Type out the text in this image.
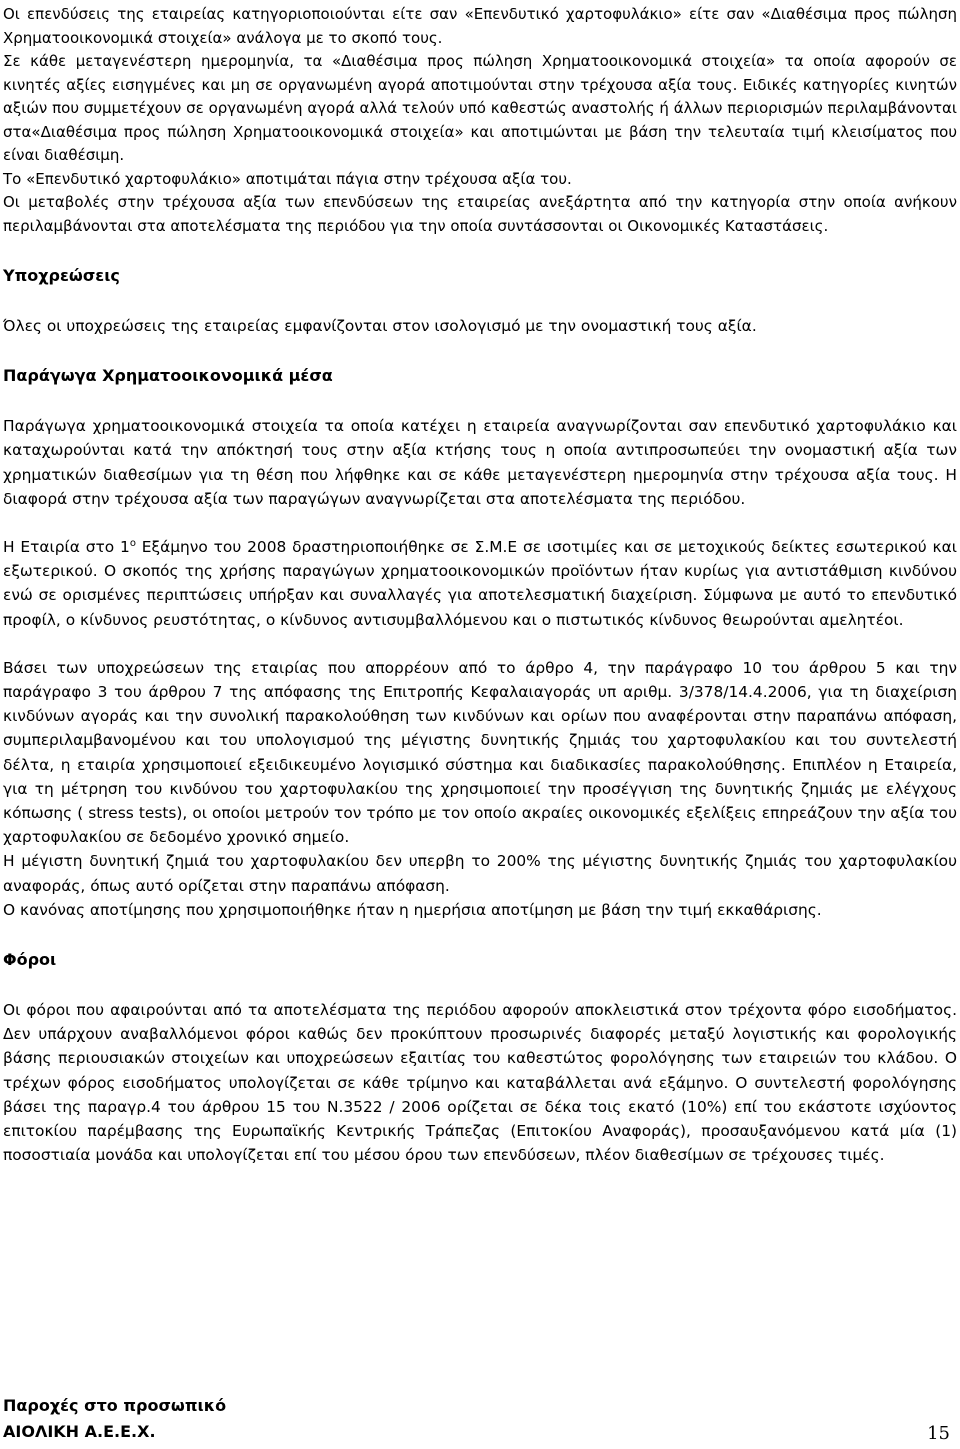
Οι επενδύσεις της εταιρείας κατηγοριοποιούνται είτε σαν «Επενδυτικό χαρτοφυλάκιο» είτε σαν «Διαθέσιμα προς πώληση Χρηματοοικονομικά στοιχεία» ανάλογα με το σκοπό τους.

Σε κάθε μεταγενέστερη ημερομηνία, τα «Διαθέσιμα προς πώληση Χρηματοοικονομικά στοιχεία» τα οποία αφορούν σε κινητές αξίες εισηγμένες και μη σε οργανωμένη αγορά αποτιμούνται στην τρέχουσα αξία τους. Ειδικές κατηγορίες κινητών αξιών που συμμετέχουν σε οργανωμένη αγορά αλλά τελούν υπό καθεστώς αναστολής ή άλλων περιορισμών περιλαμβάνονται στα«Διαθέσιμα προς πώληση Χρηματοοικονομικά στοιχεία» και αποτιμώνται με βάση την τελευταία τιμή κλεισίματος που είναι διαθέσιμη.

Το «Επενδυτικό χαρτοφυλάκιο» αποτιμάται πάγια στην τρέχουσα αξία του.

Οι μεταβολές στην τρέχουσα αξία των επενδύσεων της εταιρείας ανεξάρτητα από την κατηγορία στην οποία ανήκουν περιλαμβάνονται στα αποτελέσματα της περιόδου για την οποία συντάσσονται οι Οικονομικές Καταστάσεις.

Υποχρεώσεις

Όλες οι υποχρεώσεις της εταιρείας εμφανίζονται στον ισολογισμό με την ονομαστική τους αξία.

Παράγωγα Χρηματοοικονομικά μέσα

Παράγωγα χρηματοοικονομικά στοιχεία τα οποία κατέχει η εταιρεία αναγνωρίζονται σαν επενδυτικό χαρτοφυλάκιο και καταχωρούνται κατά την απόκτησή τους στην αξία κτήσης τους η οποία αντιπροσωπεύει την ονομαστική αξία των χρηματικών διαθεσίμων για τη θέση που λήφθηκε και σε κάθε μεταγενέστερη ημερομηνία στην τρέχουσα αξία τους. Η διαφορά στην τρέχουσα αξία των παραγώγων αναγνωρίζεται στα αποτελέσματα της περιόδου.

Η Εταιρία στο $1^o$ Εξάμηνο του 2008 δραστηριοποιήθηκε σε Σ.Μ.Ε σε ισοτιμίες και σε μετοχικούς δείκτες εσωτερικού και εξωτερικού. Ο σκοπός της χρήσης παραγώγων χρηματοοικονομικών προϊόντων ήταν κυρίως για αντιστάθμιση κινδύνου ενώ σε ορισμένες περιπτώσεις υπήρξαν και συναλλαγές για αποτελεσματική διαχείριση. Σύμφωνα με αυτό το επενδυτικό προφίλ, ο κίνδυνος ρευστότητας, ο κίνδυνος αντισυμβαλλόμενου και ο πιστωτικός κίνδυνος θεωρούνται αμελητέοι.

Βάσει των υποχρεώσεων της εταιρίας που απορρέουν από το άρθρο 4, την παράγραφο 10 του άρθρου 5 και την παράγραφο 3 του άρθρου 7 της απόφασης της Επιτροπής Κεφαλαιαγοράς υπ αριθμ. 3/378/14.4.2006, για τη διαχείριση κινδύνων αγοράς και την συνολική παρακολούθηση των κινδύνων και ορίων που αναφέρονται στην παραπάνω απόφαση, συμπεριλαμβανομένου και του υπολογισμού της μέγιστης δυνητικής ζημιάς του χαρτοφυλακίου και του συντελεστή δέλτα, η εταιρία χρησιμοποιεί εξειδικευμένο λογισμικό σύστημα και διαδικασίες παρακολούθησης. Επιπλέον η Εταιρεία, για τη μέτρηση του κινδύνου του χαρτοφυλακίου της χρησιμοποιεί την προσέγγιση της δυνητικής ζημιάς με ελέγχους κόπωσης ( stress tests), οι οποίοι μετρούν τον τρόπο με τον οποίο ακραίες οικονομικές εξελίξεις επηρεάζουν την αξία του χαρτοφυλακίου σε δεδομένο χρονικό σημείο.

Η μέγιστη δυνητική ζημιά του χαρτοφυλακίου δεν υπερβη το 200% της μέγιστης δυνητικής ζημιάς του χαρτοφυλακίου αναφοράς, όπως αυτό ορίζεται στην παραπάνω απόφαση.

Ο κανόνας αποτίμησης που χρησιμοποιήθηκε ήταν η ημερήσια αποτίμηση με βάση την τιμή εκκαθάρισης.

Φόροι

Οι φόροι που αφαιρούνται από τα αποτελέσματα της περιόδου αφορούν αποκλειστικά στον τρέχοντα φόρο εισοδήματος. Δεν υπάρχουν αναβαλλόμενοι φόροι καθώς δεν προκύπτουν προσωρινές διαφορές μεταξύ λογιστικής και φορολογικής βάσης περιουσιακών στοιχείων και υποχρεώσεων εξαιτίας του καθεστώτος φορολόγησης των εταιρειών του κλάδου. Ο τρέχων φόρος εισοδήματος υπολογίζεται σε κάθε τρίμηνο και καταβάλλεται ανά εξάμηνο. Ο συντελεστή φορολόγησης βάσει της παραγρ.4 του άρθρου 15 του Ν.3522 / 2006 ορίζεται σε δέκα τοις εκατό (10%) επί του εκάστοτε ισχύοντος επιτοκίου παρέμβασης της Ευρωπαϊκής Κεντρικής Τράπεζας (Επιτοκίου Αναφοράς), προσαυξανόμενου κατά μία (1) ποσοστιαία μονάδα και υπολογίζεται επί του μέσου όρου των επενδύσεων, πλέον διαθεσίμων σε τρέχουσες τιμές.

Παροχές στο προσωπικό
ΑΙΟΛΙΚΗ Α.Ε.Ε.Χ.	15
